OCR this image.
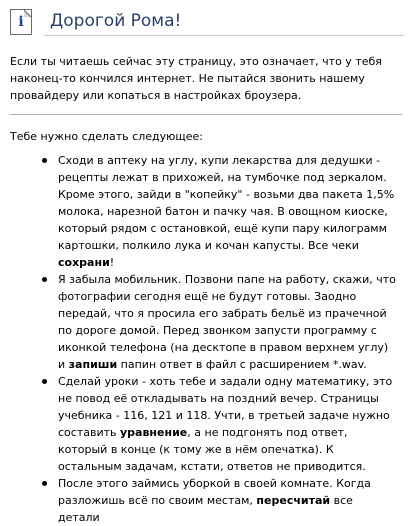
i Дорогой Рома!

Если ты читаешь сейчас эту страницу, это означает, что у тебя наконец-то кончился интернет. Не пытайся звонить нашему провайдеру или копаться в настройках броузера.

Тебе нужно сделать следующее:

Сходи в аптеку на углу, купи лекарства для дедушки - рецепты лежат в прихожей, на тумбочке под зеркалом. Кроме этого, зайди в "копейку" - возьми два пакета 1,5% молока, нарезной батон и пачку чая. В овощном киоске, который рядом с остановкой, ещё купи пару килограмм картошки, полкило лука и кочан капусты. Все чеки сохрани!
Я забыла мобильник. Позвони папе на работу, скажи, что фотографии сегодня ещё не будут готовы. Заодно передай, что я просила его забрать бельё из прачечной по дороге домой. Перед звонком запусти программу с иконкой телефона (на десктопе в правом верхнем углу) и запиши папин ответ в файл с расширением *.wav.
Сделай уроки - хоть тебе и задали одну математику, это не повод её откладывать на поздний вечер. Страницы учебника - 116, 121 и 118. Учти, в третьей задаче нужно составить уравнение, а не подгонять под ответ, который в конце (к тому же в нём опечатка). К остальным задачам, кстати, ответов не приводится.
После этого займись уборкой в своей комнате. Когда разложишь всё по своим местам, пересчитай все детали
